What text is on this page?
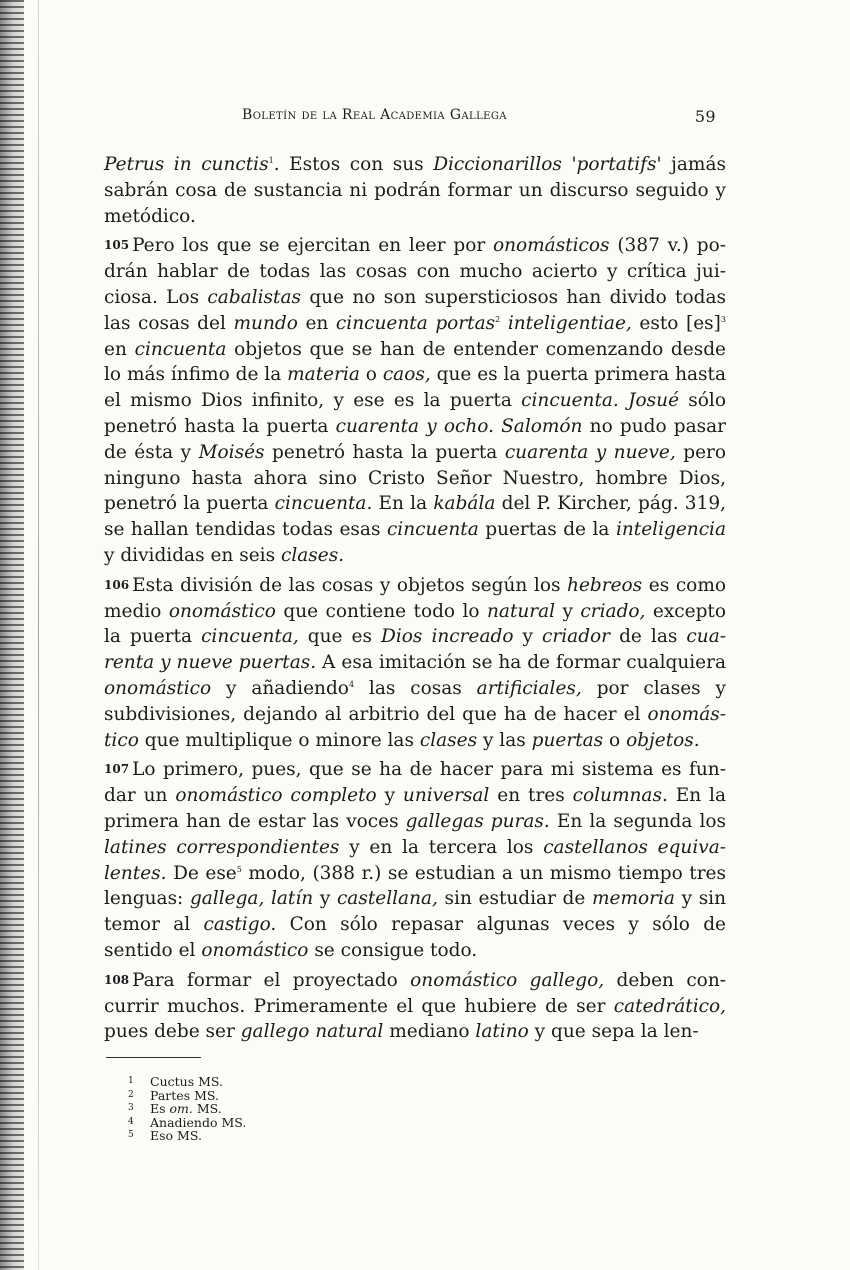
Boletín de la Real Academia Gallega	59

Petrus in cunctis$^1$. Estos con sus Diccionarillos 'portatifs' jamás sabrán cosa de sustancia ni podrán formar un discurso seguido y metódico.

105 Pero los que se ejercitan en leer por onomásticos (387 v.) podrán hablar de todas las cosas con mucho acierto y crítica juiciosa. Los cabalistas que no son supersticiosos han divido todas las cosas del mundo en cincuenta portas$^2$ inteligentiae, esto [es]$^3$ en cincuenta objetos que se han de entender comenzando desde lo más ínfimo de la materia o caos, que es la puerta primera hasta el mismo Dios infinito, y ese es la puerta cincuenta. Josué sólo penetró hasta la puerta cuarenta y ocho. Salomón no pudo pasar de ésta y Moisés penetró hasta la puerta cuarenta y nueve, pero ninguno hasta ahora sino Cristo Señor Nuestro, hombre Dios, penetró la puerta cincuenta. En la kabála del P. Kircher, pág. 319, se hallan tendidas todas esas cincuenta puertas de la inteligencia y divididas en seis clases.

106 Esta división de las cosas y objetos según los hebreos es como medio onomástico que contiene todo lo natural y criado, excepto la puerta cincuenta, que es Dios increado y criador de las cuarenta y nueve puertas. A esa imitación se ha de formar cualquiera onomástico y añadiendo$^4$ las cosas artificiales, por clases y subdivisiones, dejando al arbitrio del que ha de hacer el onomástico que multiplique o minore las clases y las puertas o objetos.

107 Lo primero, pues, que se ha de hacer para mi sistema es fundar un onomástico completo y universal en tres columnas. En la primera han de estar las voces gallegas puras. En la segunda los latines correspondientes y en la tercera los castellanos equivalentes. De ese$^5$ modo, (388 r.) se estudian a un mismo tiempo tres lenguas: gallega, latín y castellana, sin estudiar de memoria y sin temor al castigo. Con sólo repasar algunas veces y sólo de sentido el onomástico se consigue todo.

108 Para formar el proyectado onomástico gallego, deben concurrir muchos. Primeramente el que hubiere de ser catedrático, pues debe ser gallego natural mediano latino y que sepa la len-

1	Cuctus MS.
2	Partes MS.
3	Es om. MS.
4	Anadiendo MS.
5	Eso MS.
